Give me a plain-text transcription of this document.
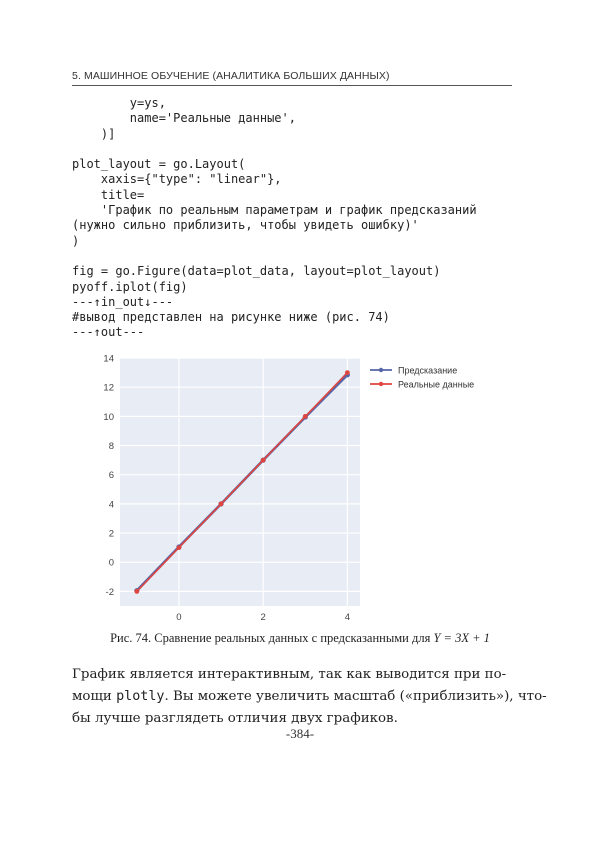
5. МАШИННОЕ ОБУЧЕНИЕ (АНАЛИТИКА БОЛЬШИХ ДАННЫХ)
y=ys,
name='Реальные данные',
)]

plot_layout = go.Layout(
xaxis={"type": "linear"},
title=
'График по реальным параметрам и график предсказаний
(нужно сильно приблизить, чтобы увидеть ошибку)'
)

fig = go.Figure(data=plot_data, layout=plot_layout)
pyoff.iplot(fig)
---↑in_out↓---
#вывод представлен на рисунке ниже (рис. 74)
---↑out---
-2
0
2
4
6
8
10
12
14
0	2	4
Предсказание
Реальные данные
Рис. 74. Сравнение реальных данных с предсказанными для Y = 3X + 1
График является интерактивным, так как выводится при по-
мощи plotly. Вы можете увеличить масштаб («приблизить»), что-
бы лучше разглядеть отличия двух графиков.
-384-
